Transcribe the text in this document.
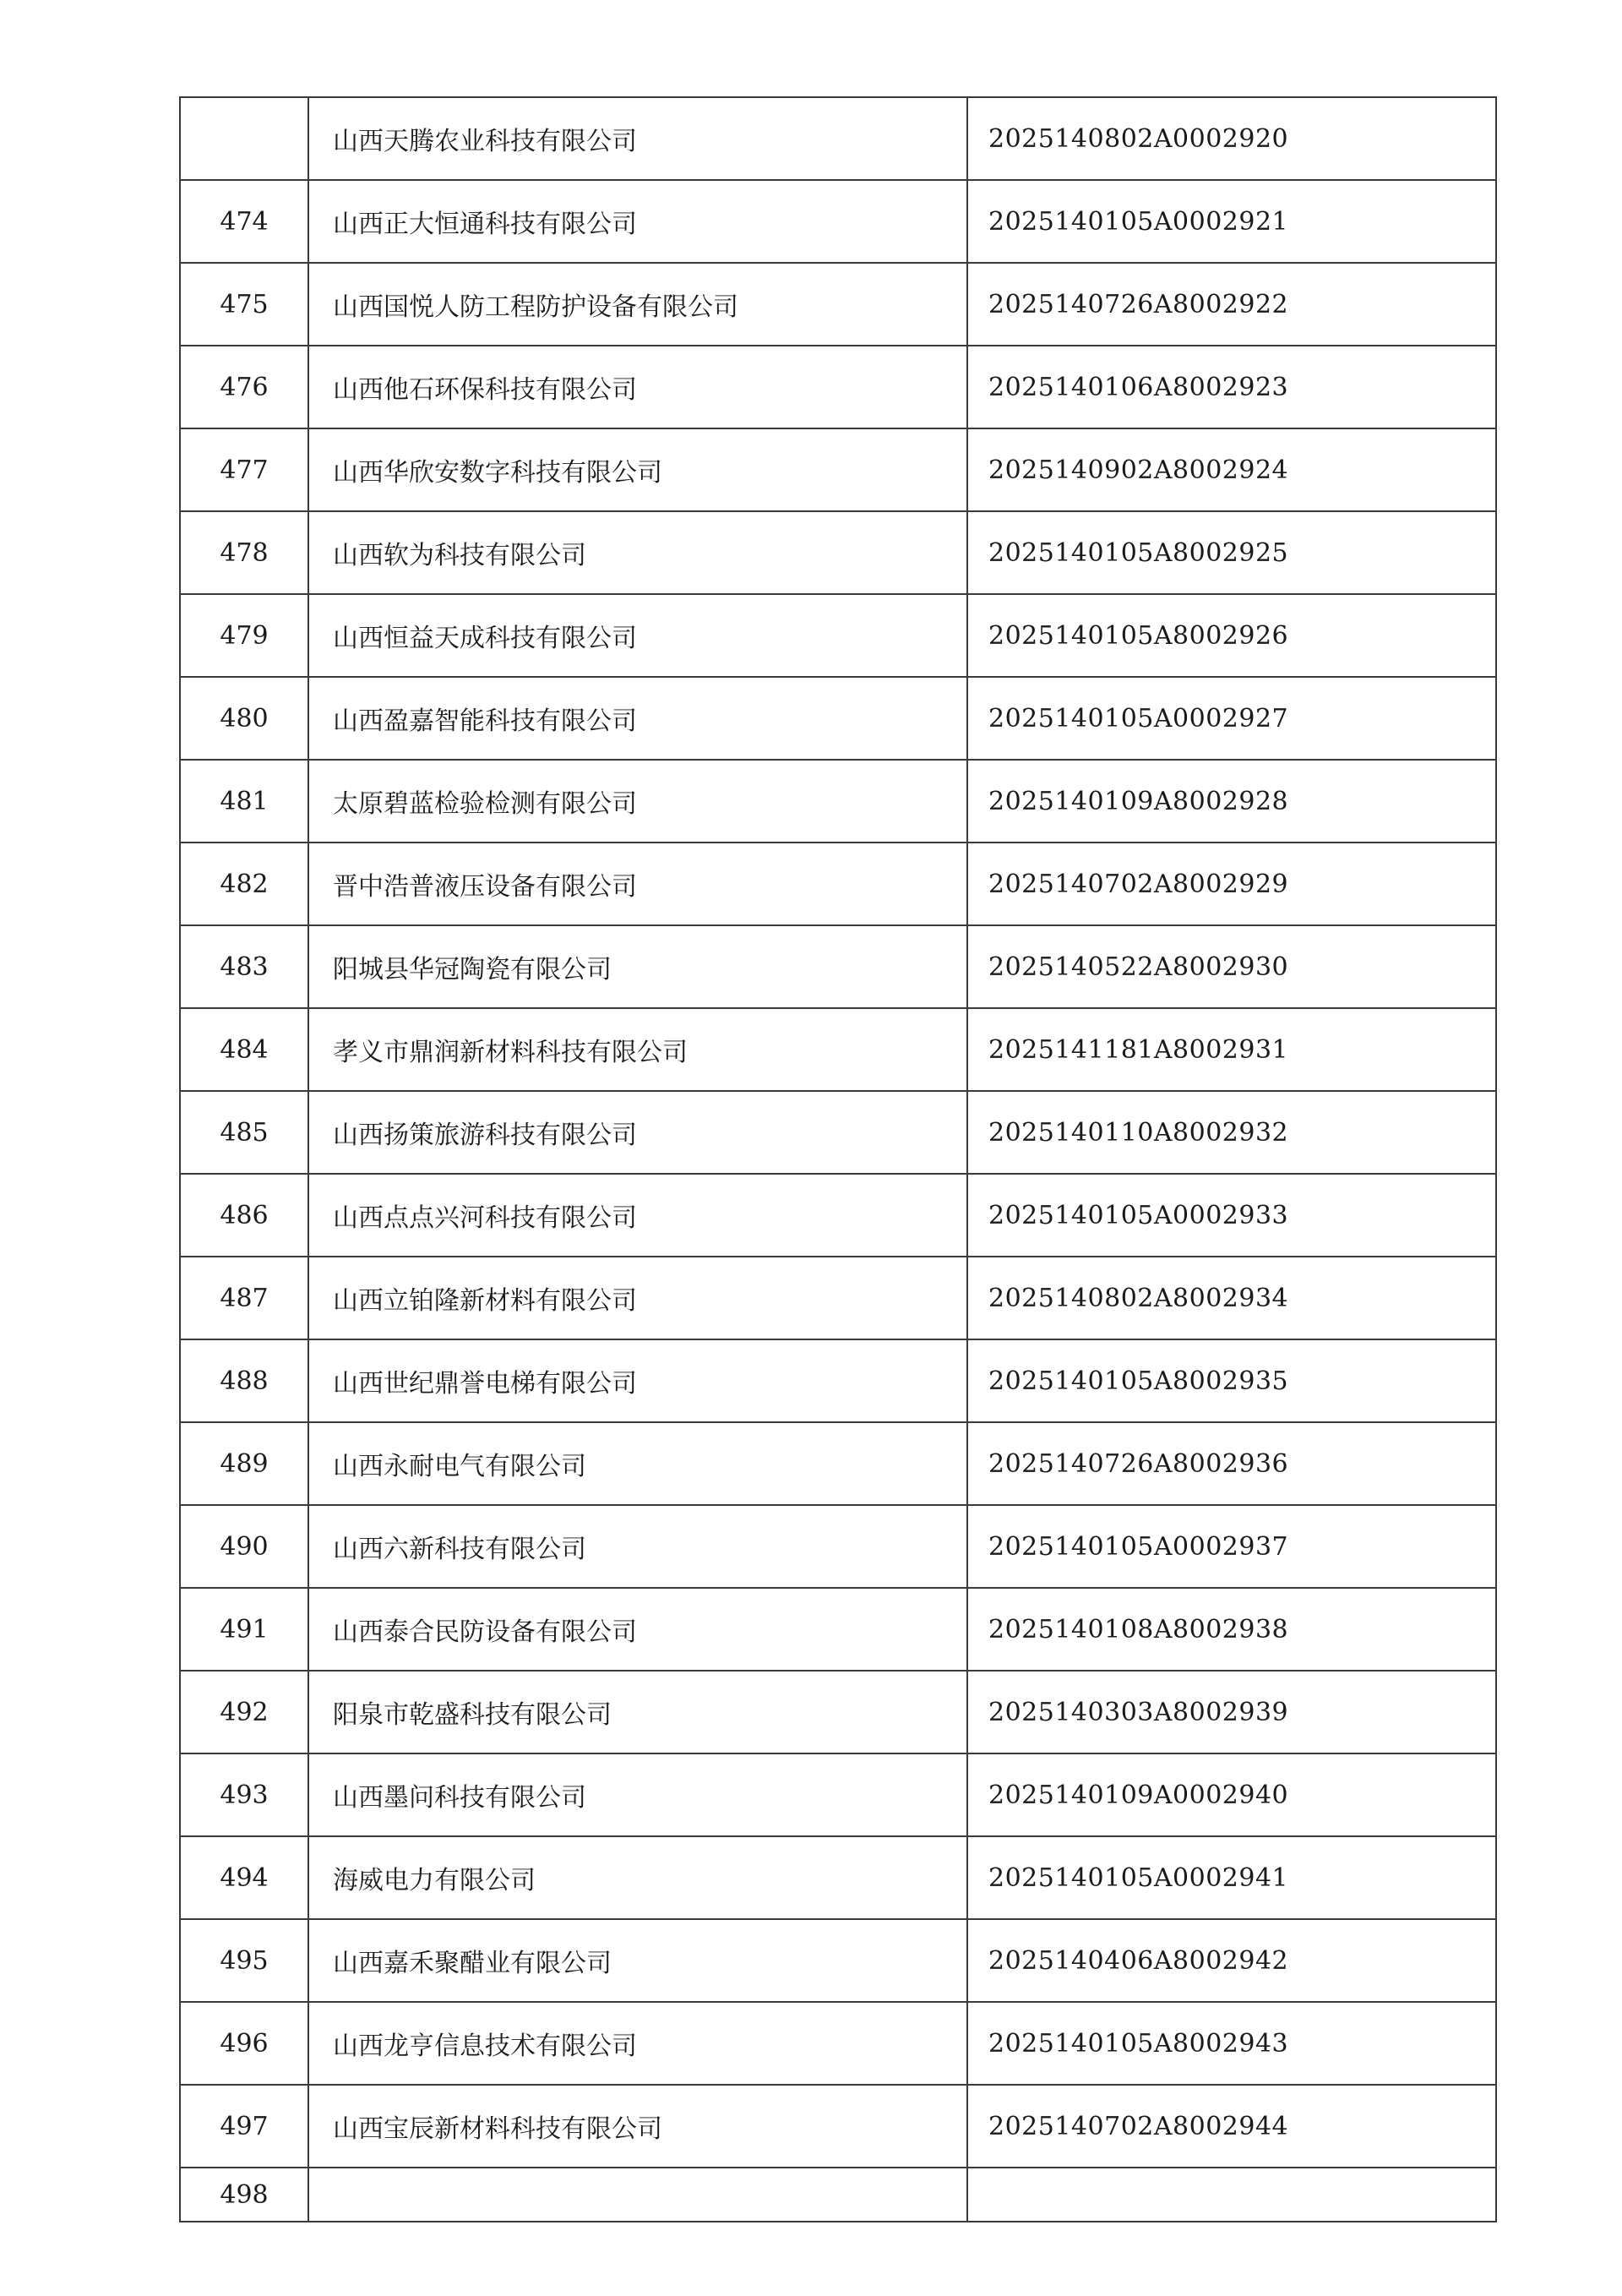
	山西天腾农业科技有限公司	2025140802A0002920
474	山西正大恒通科技有限公司	2025140105A0002921
475	山西国悦人防工程防护设备有限公司	2025140726A8002922
476	山西他石环保科技有限公司	2025140106A8002923
477	山西华欣安数字科技有限公司	2025140902A8002924
478	山西软为科技有限公司	2025140105A8002925
479	山西恒益天成科技有限公司	2025140105A8002926
480	山西盈嘉智能科技有限公司	2025140105A0002927
481	太原碧蓝检验检测有限公司	2025140109A8002928
482	晋中浩普液压设备有限公司	2025140702A8002929
483	阳城县华冠陶瓷有限公司	2025140522A8002930
484	孝义市鼎润新材料科技有限公司	2025141181A8002931
485	山西扬策旅游科技有限公司	2025140110A8002932
486	山西点点兴河科技有限公司	2025140105A0002933
487	山西立铂隆新材料有限公司	2025140802A8002934
488	山西世纪鼎誉电梯有限公司	2025140105A8002935
489	山西永耐电气有限公司	2025140726A8002936
490	山西六新科技有限公司	2025140105A0002937
491	山西泰合民防设备有限公司	2025140108A8002938
492	阳泉市乾盛科技有限公司	2025140303A8002939
493	山西墨问科技有限公司	2025140109A0002940
494	海威电力有限公司	2025140105A0002941
495	山西嘉禾聚醋业有限公司	2025140406A8002942
496	山西龙亨信息技术有限公司	2025140105A8002943
497	山西宝辰新材料科技有限公司	2025140702A8002944
498		
